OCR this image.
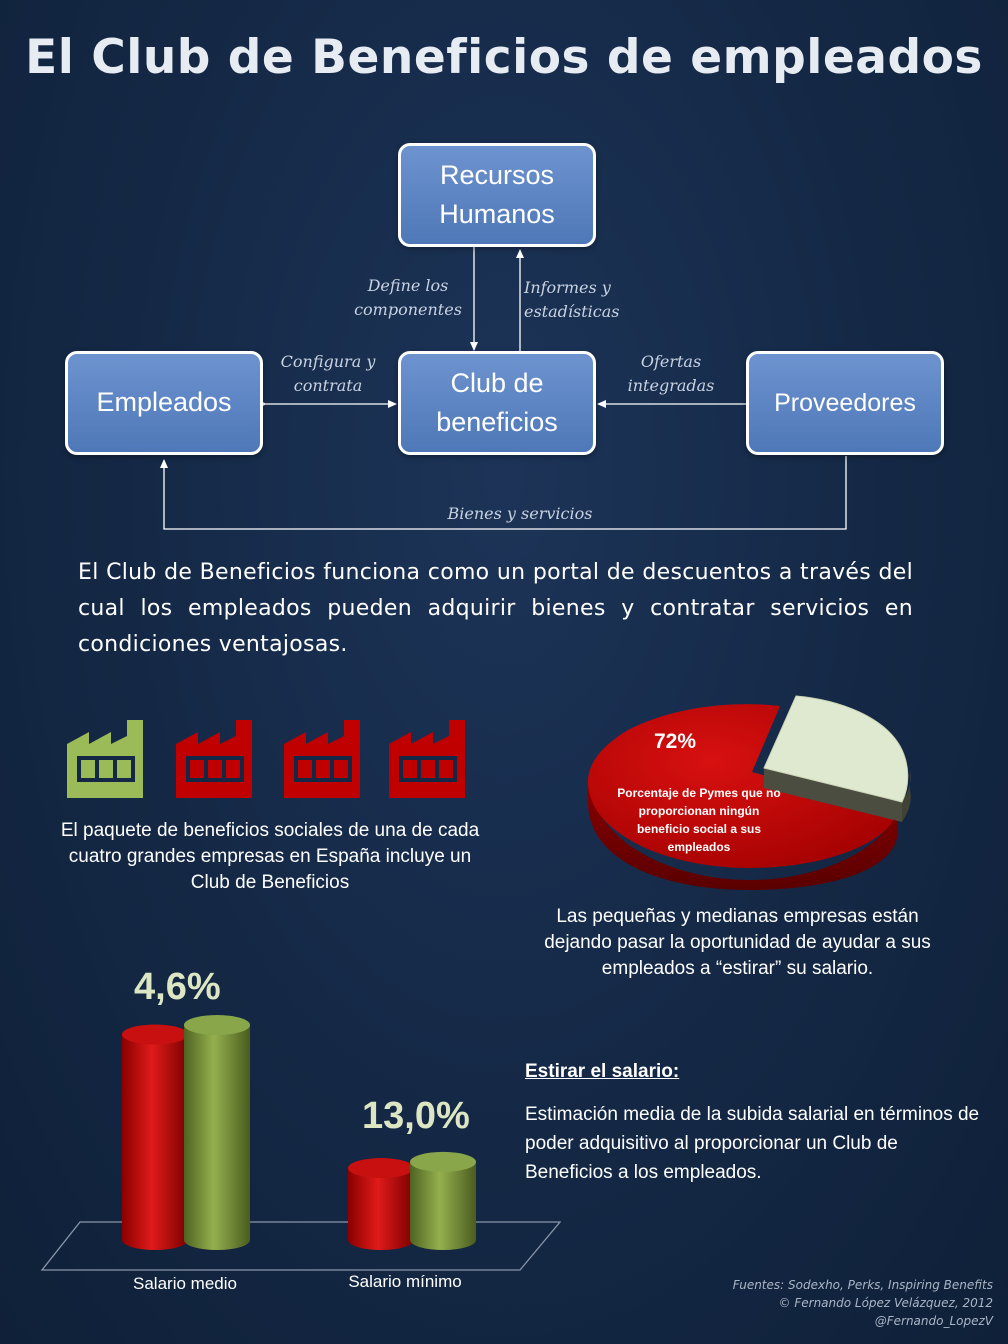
El Club de Beneficios de empleados
Recursos Humanos
Club de beneficios
Empleados	Proveedores
Define los componentes
Informes y estadísticas
Configura y contrata
Ofertas integradas
Bienes y servicios
El Club de Beneficios funciona como un portal de descuentos a través del cual los empleados pueden adquirir bienes y contratar servicios en condiciones ventajosas.
El paquete de beneficios sociales de una de cada cuatro grandes empresas en España incluye un Club de Beneficios
72%
Porcentaje de Pymes que no proporcionan ningún beneficio social a sus empleados
Las pequeñas y medianas empresas están dejando pasar la oportunidad de ayudar a sus empleados a “estirar” su salario.
4,6%
13,0%
Salario medio	Salario mínimo
Estirar el salario:
Estimación media de la subida salarial en términos de poder adquisitivo al proporcionar un Club de Beneficios a los empleados.
Fuentes: Sodexho, Perks, Inspiring Benefits
© Fernando López Velázquez, 2012
@Fernando_LopezV
